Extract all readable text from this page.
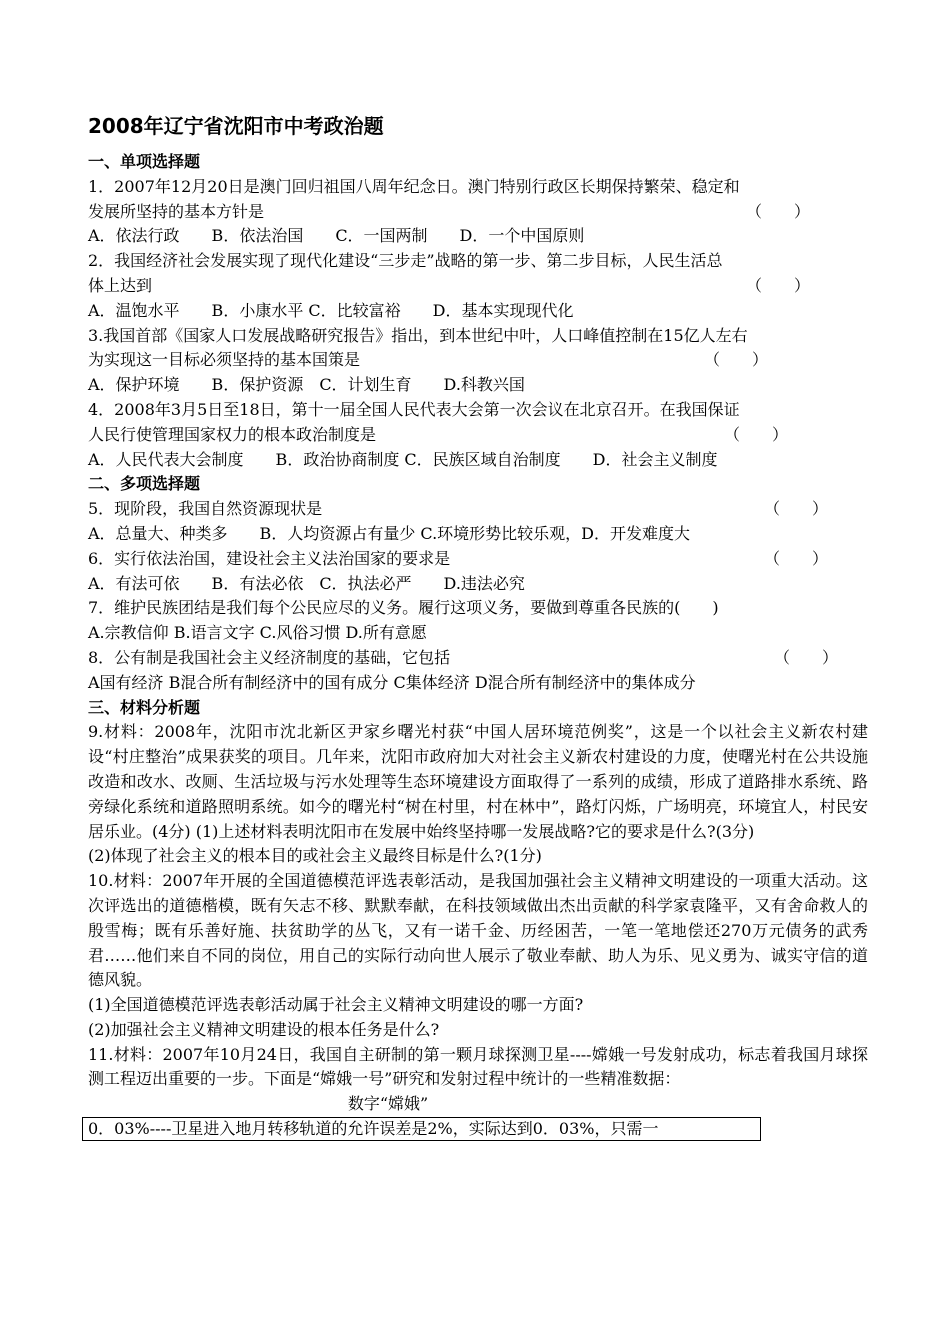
2008年辽宁省沈阳市中考政治题
一、单项选择题
1．2007年12月20日是澳门回归祖国八周年纪念日。澳门特别行政区长期保持繁荣、稳定和
发展所坚持的基本方针是	（　　）
A．依法行政　　B．依法治国　　C．一国两制　　D．一个中国原则
2．我国经济社会发展实现了现代化建设“三步走”战略的第一步、第二步目标，人民生活总
体上达到	（　　）
A．温饱水平　　B．小康水平 C．比较富裕　　D．基本实现现代化
3.我国首部《国家人口发展战略研究报告》指出，到本世纪中叶，人口峰值控制在15亿人左右
为实现这一目标必须坚持的基本国策是	（　　）
A．保护环境　　B．保护资源　C．计划生育　　D.科教兴国
4．2008年3月5日至18日，第十一届全国人民代表大会第一次会议在北京召开。在我国保证
人民行使管理国家权力的根本政治制度是	（　　）
A．人民代表大会制度　　B．政治协商制度 C．民族区域自治制度　　D．社会主义制度
二、多项选择题
5．现阶段，我国自然资源现状是	（　　）
A．总量大、种类多　　B．人均资源占有量少 C.环境形势比较乐观，D．开发难度大
6．实行依法治国，建设社会主义法治国家的要求是	（　　）
A．有法可依　　B．有法必依　C．执法必严　　D.违法必究
7．维护民族团结是我们每个公民应尽的义务。履行这项义务，要做到尊重各民族的(　　)
A.宗教信仰 B.语言文字 C.风俗习惯 D.所有意愿
8．公有制是我国社会主义经济制度的基础，它包括	（　　）
A国有经济 B混合所有制经济中的国有成分 C集体经济 D混合所有制经济中的集体成分
三、材料分析题
9.材料：2008年，沈阳市沈北新区尹家乡曙光村获“中国人居环境范例奖”，这是一个以社会主义新农村建设“村庄整治”成果获奖的项目。几年来，沈阳市政府加大对社会主义新农村建设的力度，使曙光村在公共设施改造和改水、改厕、生活垃圾与污水处理等生态环境建设方面取得了一系列的成绩，形成了道路排水系统、路旁绿化系统和道路照明系统。如今的曙光村“树在村里，村在林中”，路灯闪烁，广场明亮，环境宜人，村民安居乐业。(4分) (1)上述材料表明沈阳市在发展中始终坚持哪一发展战略?它的要求是什么?(3分)
(2)体现了社会主义的根本目的或社会主义最终目标是什么?(1分)
10.材料：2007年开展的全国道德模范评选表彰活动，是我国加强社会主义精神文明建设的一项重大活动。这次评选出的道德楷模，既有矢志不移、默默奉献，在科技领域做出杰出贡献的科学家袁隆平，又有舍命救人的殷雪梅；既有乐善好施、扶贫助学的丛飞，又有一诺千金、历经困苦，一笔一笔地偿还270万元债务的武秀君……他们来自不同的岗位，用自己的实际行动向世人展示了敬业奉献、助人为乐、见义勇为、诚实守信的道德风貌。
(1)全国道德模范评选表彰活动属于社会主义精神文明建设的哪一方面?
(2)加强社会主义精神文明建设的根本任务是什么?
11.材料：2007年10月24日，我国自主研制的第一颗月球探测卫星----嫦娥一号发射成功，标志着我国月球探测工程迈出重要的一步。下面是“嫦娥一号”研究和发射过程中统计的一些精准数据：
数字“嫦娥”
0．03%----卫星进入地月转移轨道的允许误差是2%，实际达到0．03%，只需一
